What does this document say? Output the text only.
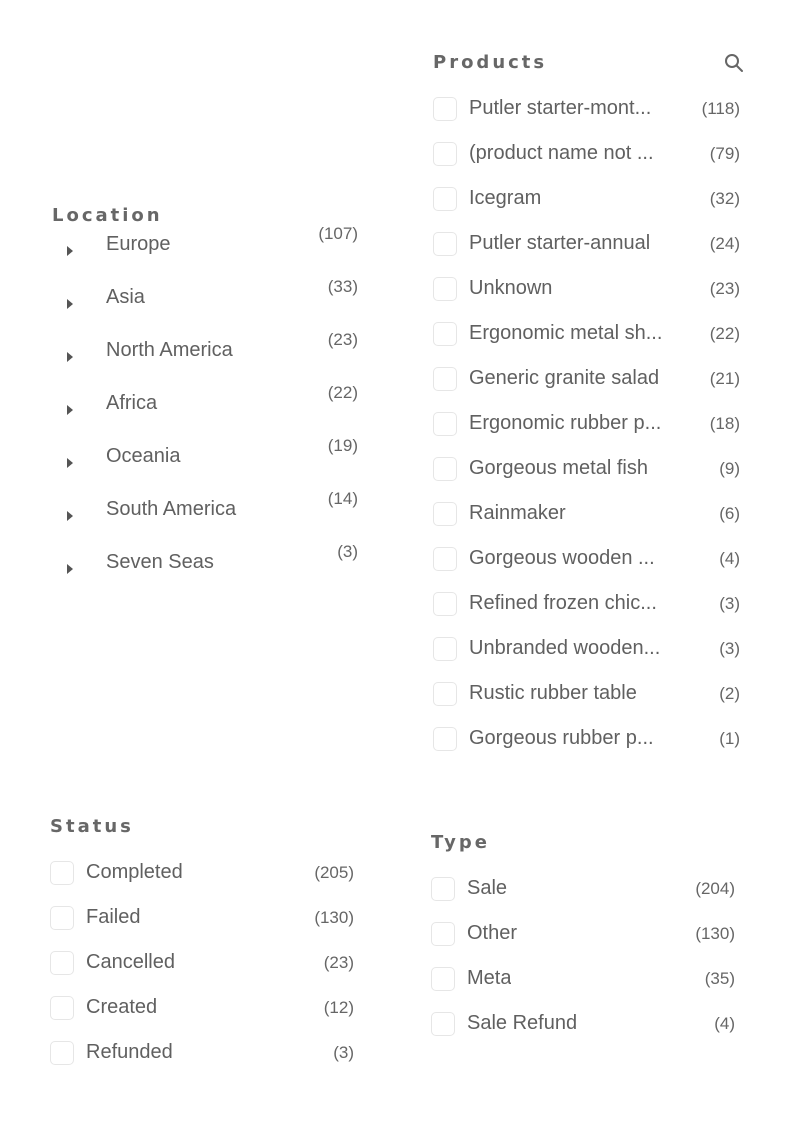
Location
Europe	(107)
Asia	(33)
North America	(23)
Africa	(22)
Oceania	(19)
South America	(14)
Seven Seas	(3)
Products
Putler starter-mont...	(118)
(product name not ...	(79)
Icegram	(32)
Putler starter-annual	(24)
Unknown	(23)
Ergonomic metal sh...	(22)
Generic granite salad	(21)
Ergonomic rubber p...	(18)
Gorgeous metal fish	(9)
Rainmaker	(6)
Gorgeous wooden ...	(4)
Refined frozen chic...	(3)
Unbranded wooden...	(3)
Rustic rubber table	(2)
Gorgeous rubber p...	(1)
Status
Completed	(205)
Failed	(130)
Cancelled	(23)
Created	(12)
Refunded	(3)
Type
Sale	(204)
Other	(130)
Meta	(35)
Sale Refund	(4)
